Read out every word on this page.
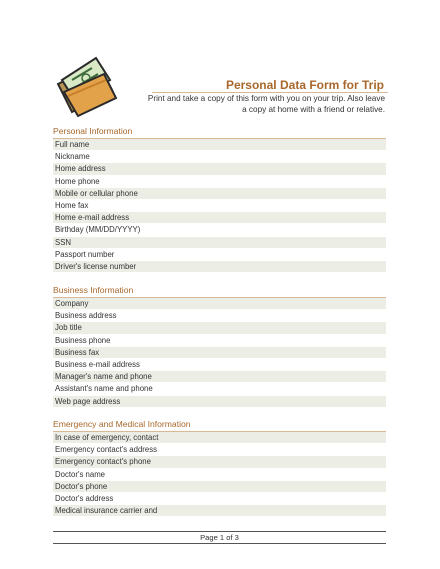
Personal Data Form for Trip
Print and take a copy of this form with you on your trip. Also leave a copy at home with a friend or relative.
Personal Information
Full name
Nickname
Home address
Home phone
Mobile or cellular phone
Home fax
Home e-mail address
Birthday (MM/DD/YYYY)
SSN
Passport number
Driver's license number
Business Information
Company
Business address
Job title
Business phone
Business fax
Business e-mail address
Manager's name and phone
Assistant's name and phone
Web page address
Emergency and Medical Information
In case of emergency, contact
Emergency contact's address
Emergency contact's phone
Doctor's name
Doctor's phone
Doctor's address
Medical insurance carrier and
Page 1 of 3
